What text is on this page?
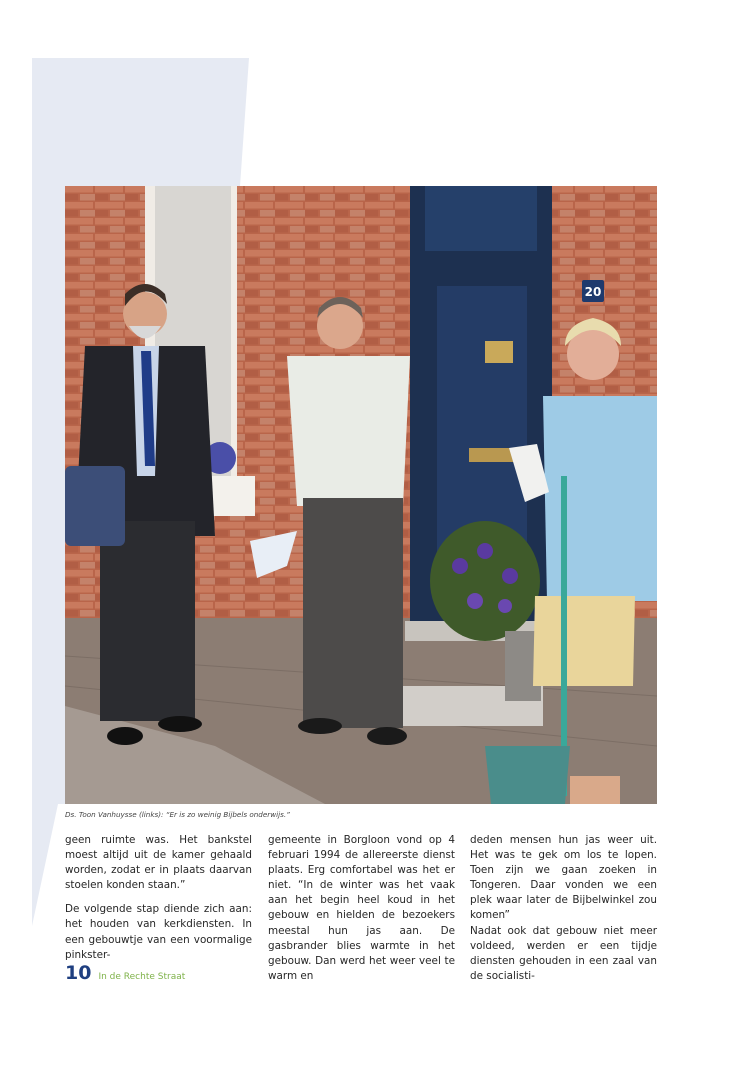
20
Ds. Toon Vanhuysse (links): “Er is zo weinig Bijbels onderwijs.”

geen ruimte was. Het bankstel moest altijd uit de kamer gehaald worden, zodat er in plaats daarvan stoelen konden staan.”

De volgende stap diende zich aan: het houden van kerkdiensten. In een gebouwtje van een voormalige pinkster-

gemeente in Borgloon vond op 4 februari 1994 de allereerste dienst plaats. Erg comfortabel was het er niet. “In de winter was het vaak aan het begin heel koud in het gebouw en hielden de bezoekers meestal hun jas aan. De gasbrander blies warmte in het gebouw. Dan werd het weer veel te warm en

deden mensen hun jas weer uit. Het was te gek om los te lopen. Toen zijn we gaan zoeken in Tongeren. Daar vonden we een plek waar later de Bijbelwinkel zou komen”

Nadat ook dat gebouw niet meer voldeed, werden er een tijdje diensten gehouden in een zaal van de socialisti-

10 In de Rechte Straat
